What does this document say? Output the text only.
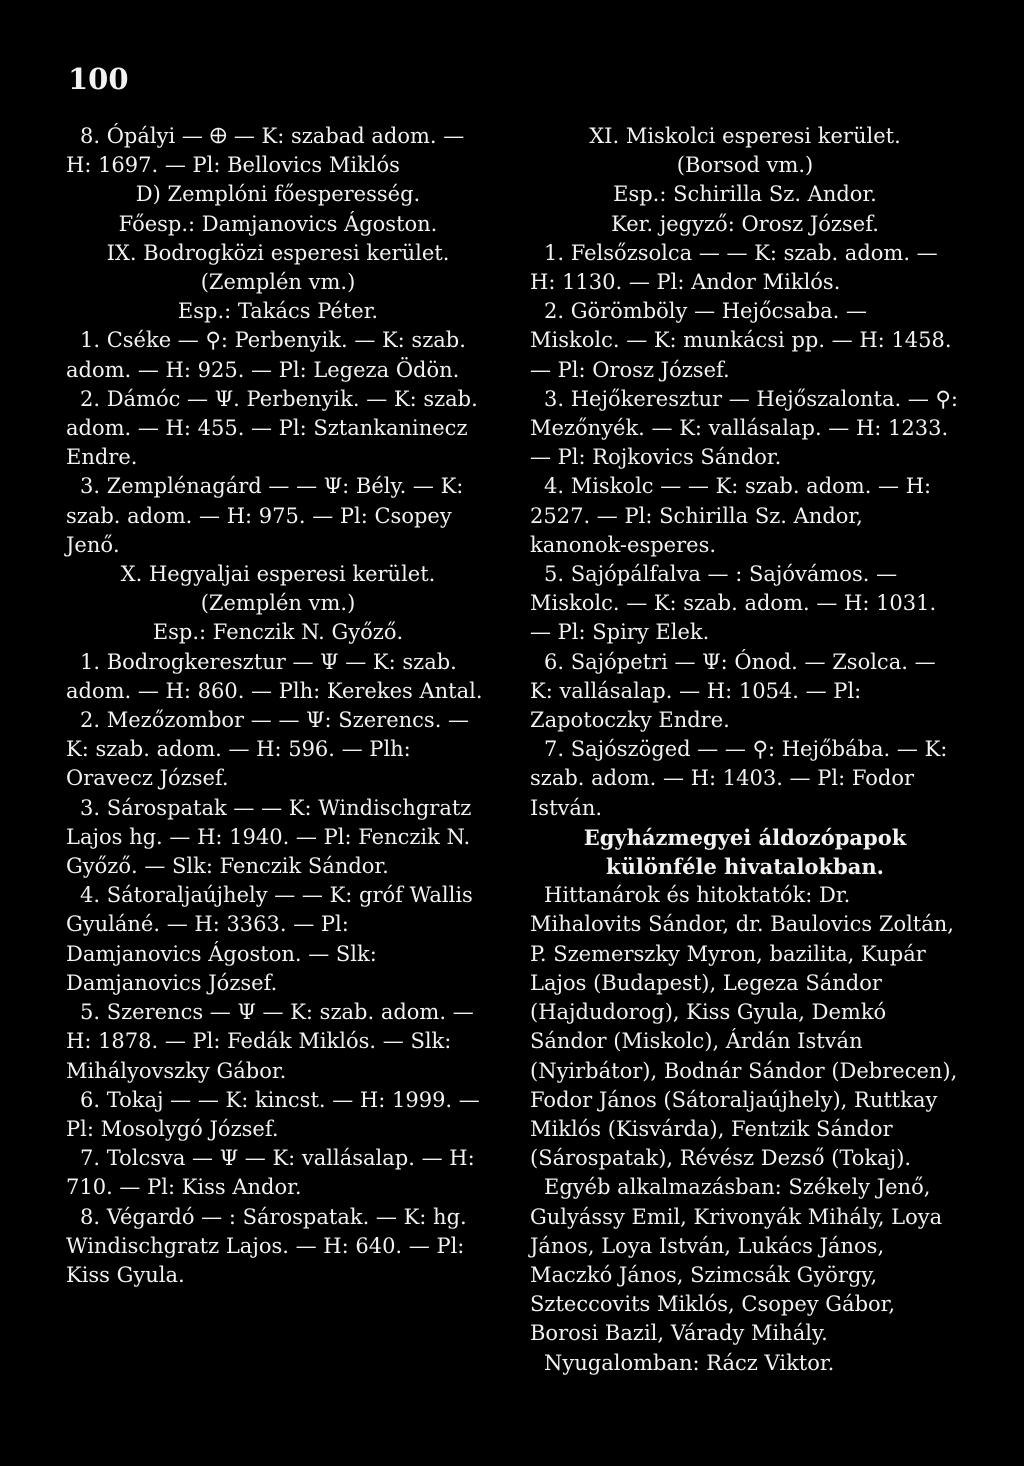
100

8. Ópályi — 🜨 — K: szabad adom. — H: 1697. — Pl: Bellovics Miklós

D) Zemplóni főesperesség.

Főesp.: Damjanovics Ágoston.

IX. Bodrogközi esperesi kerület.

(Zemplén vm.)

Esp.: Takács Péter.

1. Cséke — ⚲: Perbenyik. — K: szab. adom. — H: 925. — Pl: Legeza Ödön.

2. Dámóc — Ψ. Perbenyik. — K: szab. adom. — H: 455. — Pl: Sztankaninecz Endre.

3. Zemplénagárd — — Ψ: Bély. — K: szab. adom. — H: 975. — Pl: Csopey Jenő.

X. Hegyaljai esperesi kerület.

(Zemplén vm.)

Esp.: Fenczik N. Győző.

1. Bodrogkeresztur — Ψ — K: szab. adom. — H: 860. — Plh: Kerekes Antal.

2. Mezőzombor — — Ψ: Szerencs. — K: szab. adom. — H: 596. — Plh: Oravecz József.

3. Sárospatak — — K: Windischgratz Lajos hg. — H: 1940. — Pl: Fenczik N. Győző. — Slk: Fenczik Sándor.

4. Sátoraljaújhely — — K: gróf Wallis Gyuláné. — H: 3363. — Pl: Damjanovics Ágoston. — Slk: Damjanovics József.

5. Szerencs — Ψ — K: szab. adom. — H: 1878. — Pl: Fedák Miklós. — Slk: Mihályovszky Gábor.

6. Tokaj — — K: kincst. — H: 1999. — Pl: Mosolygó József.

7. Tolcsva — Ψ — K: vallásalap. — H: 710. — Pl: Kiss Andor.

8. Végardó — : Sárospatak. — K: hg. Windischgratz Lajos. — H: 640. — Pl: Kiss Gyula.

XI. Miskolci esperesi kerület.

(Borsod vm.)

Esp.: Schirilla Sz. Andor.

Ker. jegyző: Orosz József.

1. Felsőzsolca — — K: szab. adom. — H: 1130. — Pl: Andor Miklós.

2. Görömböly — Hejőcsaba. — Miskolc. — K: munkácsi pp. — H: 1458. — Pl: Orosz József.

3. Hejőkeresztur — Hejőszalonta. — ⚲: Mezőnyék. — K: vallásalap. — H: 1233. — Pl: Rojkovics Sándor.

4. Miskolc — — K: szab. adom. — H: 2527. — Pl: Schirilla Sz. Andor, kanonok-esperes.

5. Sajópálfalva — : Sajóvámos. — Miskolc. — K: szab. adom. — H: 1031. — Pl: Spiry Elek.

6. Sajópetri — Ψ: Ónod. — Zsolca. — K: vallásalap. — H: 1054. — Pl: Zapotoczky Endre.

7. Sajószöged — — ⚲: Hejőbába. — K: szab. adom. — H: 1403. — Pl: Fodor István.

Egyházmegyei áldozópapok különféle hivatalokban.

Hittanárok és hitoktatók: Dr. Mihalovits Sándor, dr. Baulovics Zoltán, P. Szemerszky Myron, bazilita, Kupár Lajos (Budapest), Legeza Sándor (Hajdudorog), Kiss Gyula, Demkó Sándor (Miskolc), Árdán István (Nyirbátor), Bodnár Sándor (Debrecen), Fodor János (Sátoraljaújhely), Ruttkay Miklós (Kisvárda), Fentzik Sándor (Sárospatak), Révész Dezső (Tokaj).

Egyéb alkalmazásban: Székely Jenő, Gulyássy Emil, Krivonyák Mihály, Loya János, Loya István, Lukács János, Maczkó János, Szimcsák György, Szteccovits Miklós, Csopey Gábor, Borosi Bazil, Várady Mihály.

Nyugalomban: Rácz Viktor.
